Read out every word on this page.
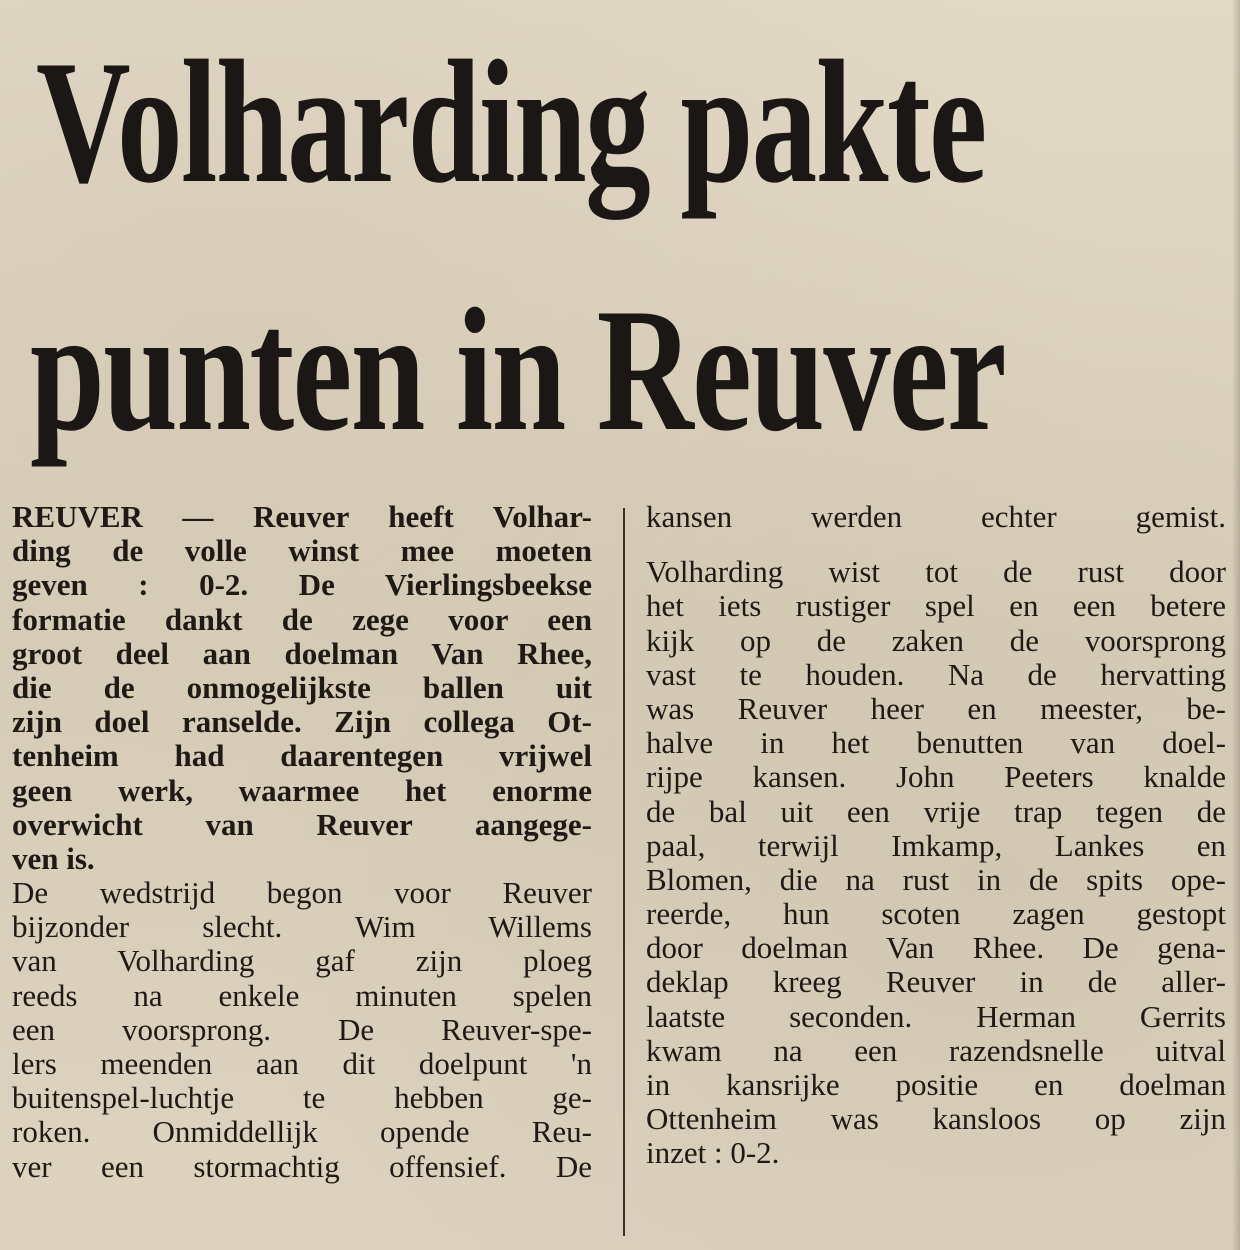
Volharding pakte
punten in Reuver
REUVER — Reuver heeft Volhar-
ding de volle winst mee moeten
geven : 0-2. De Vierlingsbeekse
formatie dankt de zege voor een
groot deel aan doelman Van Rhee,
die de onmogelijkste ballen uit
zijn doel ranselde. Zijn collega Ot-
tenheim had daarentegen vrijwel
geen werk, waarmee het enorme
overwicht van Reuver aangege-
ven is.
De wedstrijd begon voor Reuver
bijzonder slecht. Wim Willems
van Volharding gaf zijn ploeg
reeds na enkele minuten spelen
een voorsprong. De Reuver-spe-
lers meenden aan dit doelpunt 'n
buitenspel-luchtje te hebben ge-
roken. Onmiddellijk opende Reu-
ver een stormachtig offensief. De
kansen werden echter gemist.
Volharding wist tot de rust door
het iets rustiger spel en een betere
kijk op de zaken de voorsprong
vast te houden. Na de hervatting
was Reuver heer en meester, be-
halve in het benutten van doel-
rijpe kansen. John Peeters knalde
de bal uit een vrije trap tegen de
paal, terwijl Imkamp, Lankes en
Blomen, die na rust in de spits ope-
reerde, hun scoten zagen gestopt
door doelman Van Rhee. De gena-
deklap kreeg Reuver in de aller-
laatste seconden. Herman Gerrits
kwam na een razendsnelle uitval
in kansrijke positie en doelman
Ottenheim was kansloos op zijn
inzet : 0-2.
